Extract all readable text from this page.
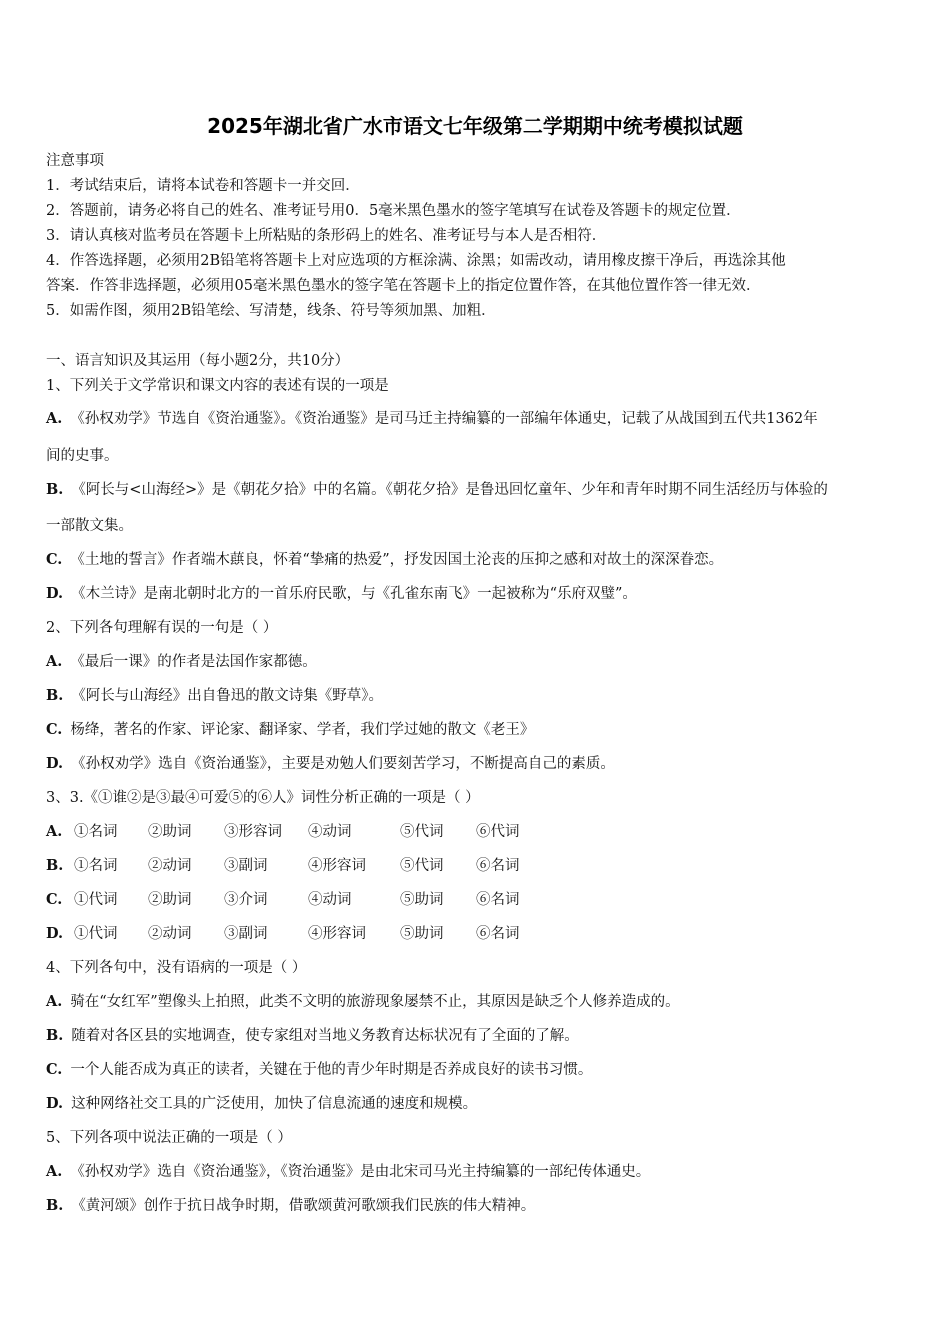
2025年湖北省广水市语文七年级第二学期期中统考模拟试题
注意事项
1．考试结束后，请将本试卷和答题卡一并交回．
2．答题前，请务必将自己的姓名、准考证号用0．5毫米黑色墨水的签字笔填写在试卷及答题卡的规定位置．
3．请认真核对监考员在答题卡上所粘贴的条形码上的姓名、准考证号与本人是否相符．
4．作答选择题，必须用2B铅笔将答题卡上对应选项的方框涂满、涂黑；如需改动，请用橡皮擦干净后，再选涂其他
答案．作答非选择题，必须用05毫米黑色墨水的签字笔在答题卡上的指定位置作答，在其他位置作答一律无效．
5．如需作图，须用2B铅笔绘、写清楚，线条、符号等须加黑、加粗．
一、语言知识及其运用（每小题2分，共10分）
1、下列关于文学常识和课文内容的表述有误的一项是
A. 《孙权劝学》节选自《资治通鉴》。《资治通鉴》是司马迁主持编纂的一部编年体通史，记载了从战国到五代共1362年
间的史事。
B. 《阿长与<山海经>》是《朝花夕拾》中的名篇。《朝花夕拾》是鲁迅回忆童年、少年和青年时期不同生活经历与体验的
一部散文集。
C. 《土地的誓言》作者端木蕻良，怀着“挚痛的热爱”，抒发因国土沦丧的压抑之感和对故土的深深眷恋。
D. 《木兰诗》是南北朝时北方的一首乐府民歌，与《孔雀东南飞》一起被称为“乐府双璧”。
2、下列各句理解有误的一句是（ ）
A. 《最后一课》的作者是法国作家都德。
B. 《阿长与山海经》出自鲁迅的散文诗集《野草》。
C. 杨绛，著名的作家、评论家、翻译家、学者，我们学过她的散文《老王》
D. 《孙权劝学》选自《资治通鉴》，主要是劝勉人们要刻苦学习，不断提高自己的素质。
3、3.《①谁②是③最④可爱⑤的⑥人》词性分析正确的一项是（ ）
A. ①名词 ②助词 ③形容词 ④动词	⑤代词 ⑥代词
B. ①名词 ②动词 ③副词	④形容词 ⑤代词 ⑥名词
C. ①代词 ②助词 ③介词	④动词	⑤助词 ⑥名词
D. ①代词 ②动词 ③副词	④形容词 ⑤助词 ⑥名词
4、下列各句中，没有语病的一项是（ ）
A. 骑在“女红军”塑像头上拍照，此类不文明的旅游现象屡禁不止，其原因是缺乏个人修养造成的。
B. 随着对各区县的实地调查，使专家组对当地义务教育达标状况有了全面的了解。
C. 一个人能否成为真正的读者，关键在于他的青少年时期是否养成良好的读书习惯。
D. 这种网络社交工具的广泛使用，加快了信息流通的速度和规模。
5、下列各项中说法正确的一项是（ ）
A. 《孙权劝学》选自《资治通鉴》，《资治通鉴》是由北宋司马光主持编纂的一部纪传体通史。
B. 《黄河颂》创作于抗日战争时期，借歌颂黄河歌颂我们民族的伟大精神。
